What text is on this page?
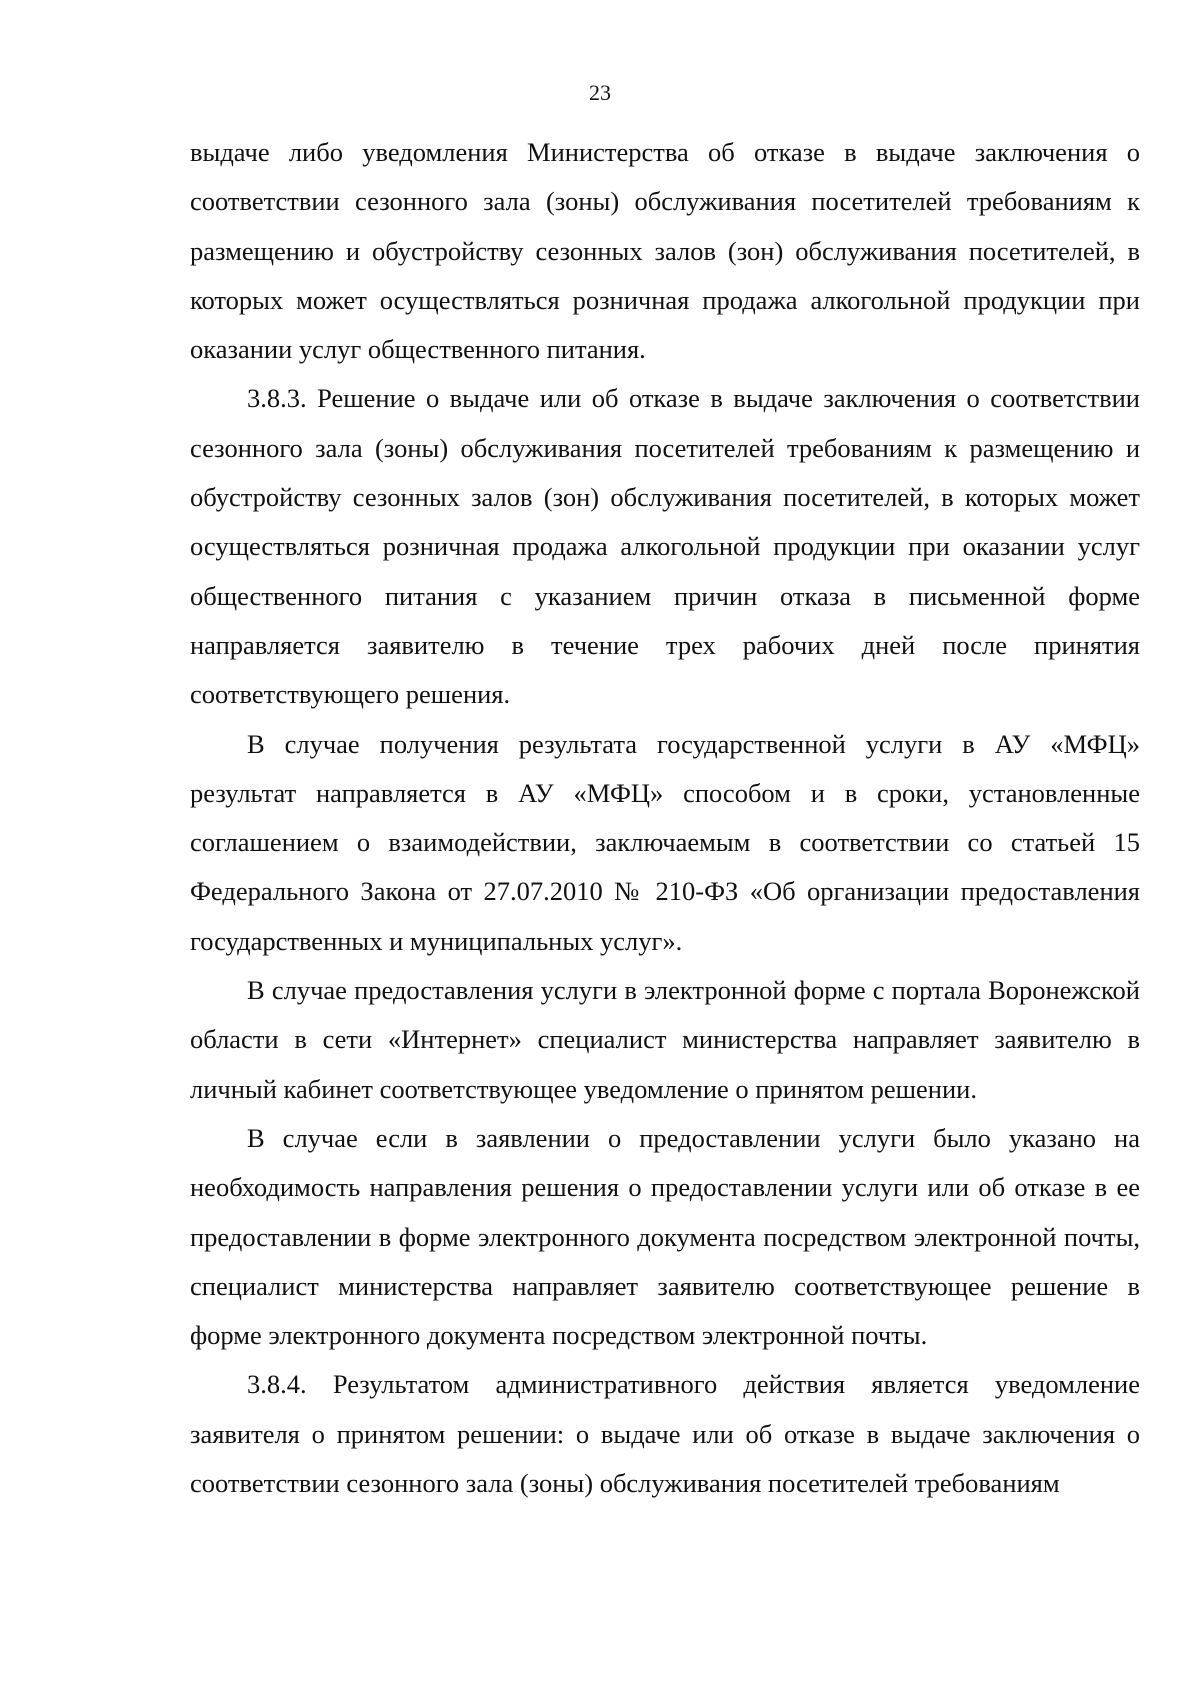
23

выдаче либо уведомления Министерства об отказе в выдаче заключения о соответствии сезонного зала (зоны) обслуживания посетителей требованиям к размещению и обустройству сезонных залов (зон) обслуживания посетителей, в которых может осуществляться розничная продажа алкогольной продукции при оказании услуг общественного питания.

3.8.3. Решение о выдаче или об отказе в выдаче заключения о соответствии сезонного зала (зоны) обслуживания посетителей требованиям к размещению и обустройству сезонных залов (зон) обслуживания посетителей, в которых может осуществляться розничная продажа алкогольной продукции при оказании услуг общественного питания с указанием причин отказа в письменной форме направляется заявителю в течение трех рабочих дней после принятия соответствующего решения.

В случае получения результата государственной услуги в АУ «МФЦ» результат направляется в АУ «МФЦ» способом и в сроки, установленные соглашением о взаимодействии, заключаемым в соответствии со статьей 15 Федерального Закона от 27.07.2010 № 210-ФЗ «Об организации предоставления государственных и муниципальных услуг».

В случае предоставления услуги в электронной форме с портала Воронежской области в сети «Интернет» специалист министерства направляет заявителю в личный кабинет соответствующее уведомление о принятом решении.

В случае если в заявлении о предоставлении услуги было указано на необходимость направления решения о предоставлении услуги или об отказе в ее предоставлении в форме электронного документа посредством электронной почты, специалист министерства направляет заявителю соответствующее решение в форме электронного документа посредством электронной почты.

3.8.4. Результатом административного действия является уведомление заявителя о принятом решении: о выдаче или об отказе в выдаче заключения о соответствии сезонного зала (зоны) обслуживания посетителей требованиям
